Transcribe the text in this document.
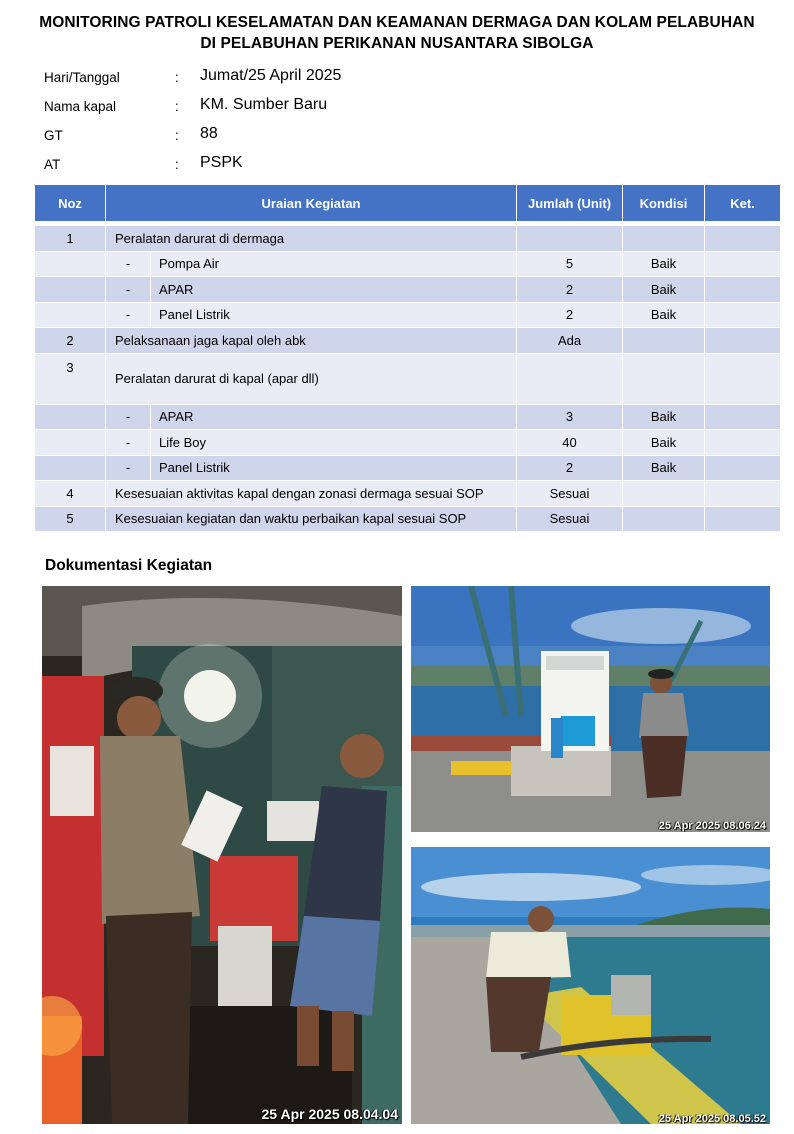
MONITORING PATROLI KESELAMATAN DAN KEAMANAN DERMAGA DAN KOLAM PELABUHAN
DI PELABUHAN PERIKANAN NUSANTARA SIBOLGA
Hari/Tanggal	: Jumat/25 April 2025
Nama kapal	: KM. Sumber Baru
GT	: 88
AT	: PSPK
Noz	Uraian Kegiatan		Jumlah (Unit)	Kondisi	Ket.

1	Peralatan darurat di dermaga				
	-	Pompa Air	5	Baik	
	-	APAR	2	Baik	
	-	Panel Listrik	2	Baik	
2	Pelaksanaan jaga kapal oleh abk		Ada		
3	Peralatan darurat di kapal (apar dll)				
	-	APAR	3	Baik	
	-	Life Boy	40	Baik	
	-	Panel Listrik	2	Baik	
4	Kesesuaian aktivitas kapal dengan zonasi dermaga sesuai SOP		Sesuai		
5	Kesesuaian kegiatan dan waktu perbaikan kapal sesuai SOP		Sesuai		
Dokumentasi Kegiatan
25 Apr 2025 08.04.04
25 Apr 2025 08.06.24
25 Apr 2025 08.05.52
